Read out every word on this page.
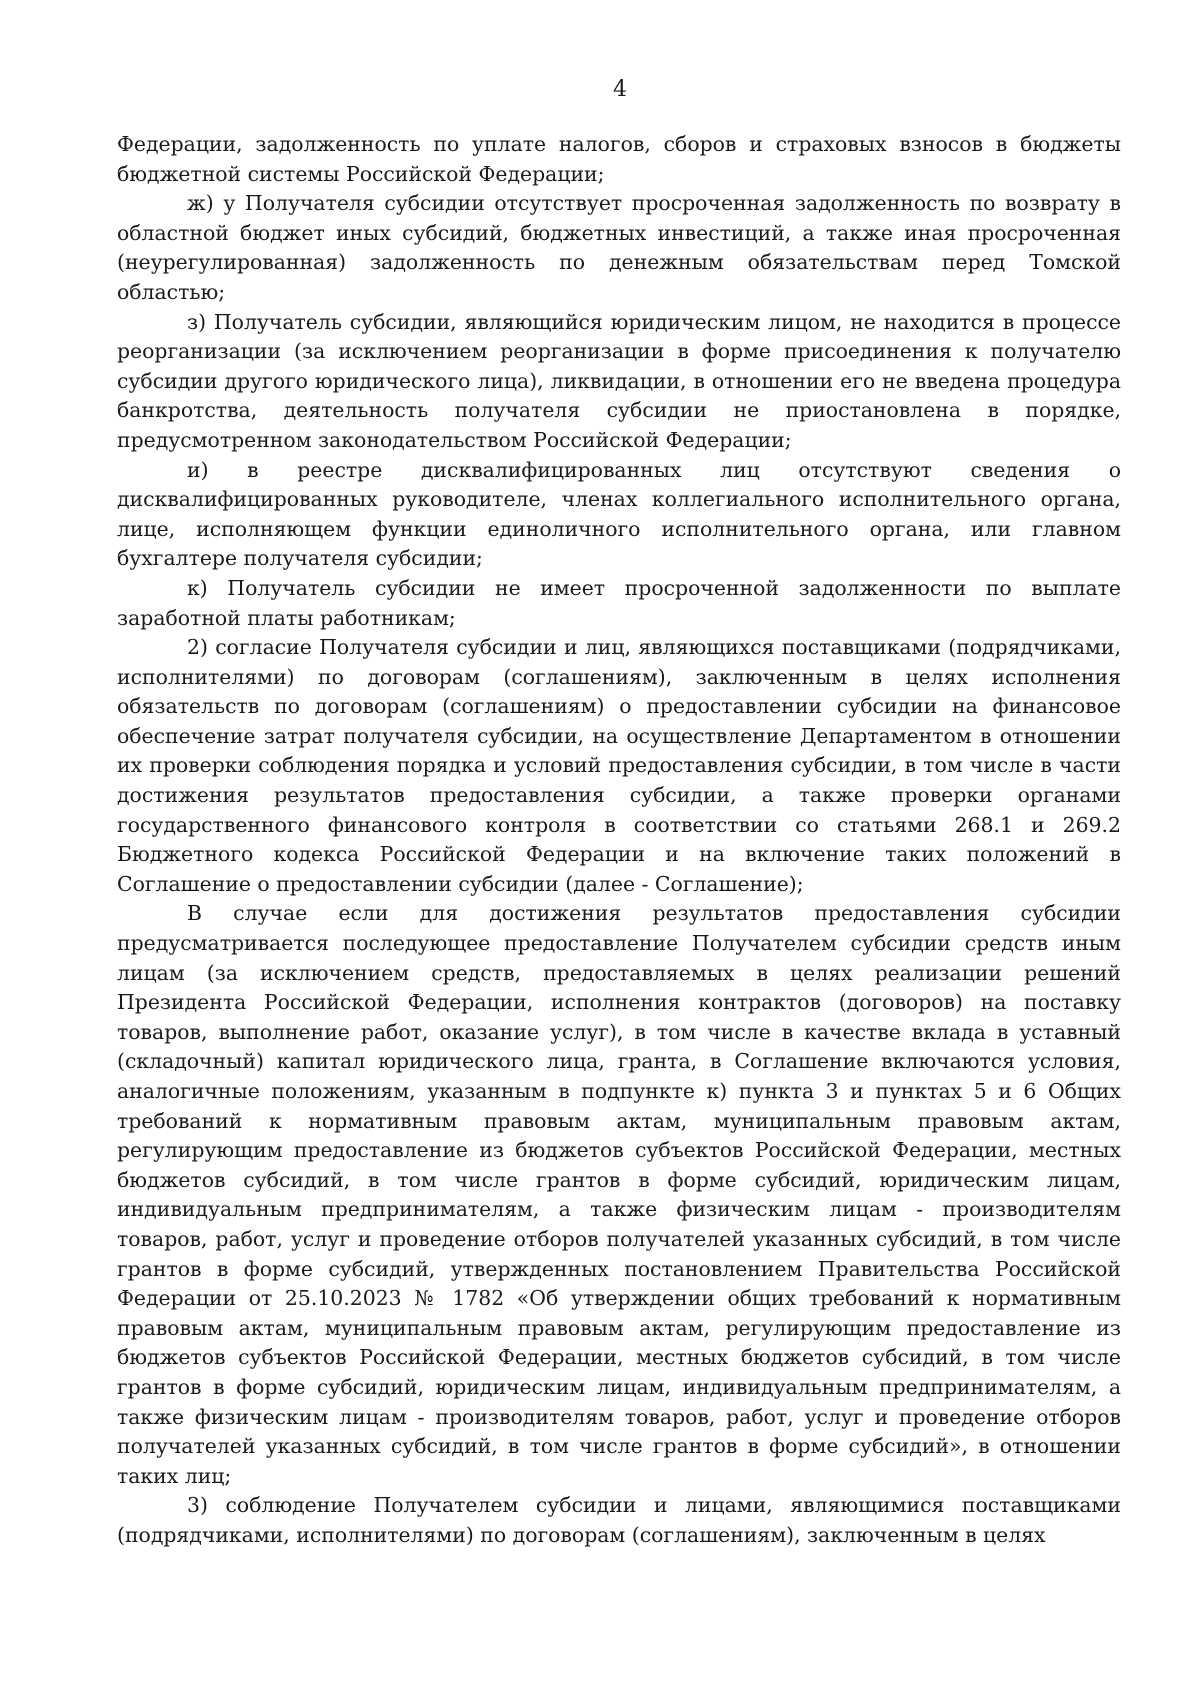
4

Федерации, задолженность по уплате налогов, сборов и страховых взносов в бюджеты бюджетной системы Российской Федерации;

ж) у Получателя субсидии отсутствует просроченная задолженность по возврату в областной бюджет иных субсидий, бюджетных инвестиций, а также иная просроченная (неурегулированная) задолженность по денежным обязательствам перед Томской областью;

з) Получатель субсидии, являющийся юридическим лицом, не находится в процессе реорганизации (за исключением реорганизации в форме присоединения к получателю субсидии другого юридического лица), ликвидации, в отношении его не введена процедура банкротства, деятельность получателя субсидии не приостановлена в порядке, предусмотренном законодательством Российской Федерации;

и) в реестре дисквалифицированных лиц отсутствуют сведения о дисквалифицированных руководителе, членах коллегиального исполнительного органа, лице, исполняющем функции единоличного исполнительного органа, или главном бухгалтере получателя субсидии;

к) Получатель субсидии не имеет просроченной задолженности по выплате заработной платы работникам;

2) согласие Получателя субсидии и лиц, являющихся поставщиками (подрядчиками, исполнителями) по договорам (соглашениям), заключенным в целях исполнения обязательств по договорам (соглашениям) о предоставлении субсидии на финансовое обеспечение затрат получателя субсидии, на осуществление Департаментом в отношении их проверки соблюдения порядка и условий предоставления субсидии, в том числе в части достижения результатов предоставления субсидии, а также проверки органами государственного финансового контроля в соответствии со статьями 268.1 и 269.2 Бюджетного кодекса Российской Федерации и на включение таких положений в Соглашение о предоставлении субсидии (далее - Соглашение);

В случае если для достижения результатов предоставления субсидии предусматривается последующее предоставление Получателем субсидии средств иным лицам (за исключением средств, предоставляемых в целях реализации решений Президента Российской Федерации, исполнения контрактов (договоров) на поставку товаров, выполнение работ, оказание услуг), в том числе в качестве вклада в уставный (складочный) капитал юридического лица, гранта, в Соглашение включаются условия, аналогичные положениям, указанным в подпункте к) пункта 3 и пунктах 5 и 6 Общих требований к нормативным правовым актам, муниципальным правовым актам, регулирующим предоставление из бюджетов субъектов Российской Федерации, местных бюджетов субсидий, в том числе грантов в форме субсидий, юридическим лицам, индивидуальным предпринимателям, а также физическим лицам - производителям товаров, работ, услуг и проведение отборов получателей указанных субсидий, в том числе грантов в форме субсидий, утвержденных постановлением Правительства Российской Федерации от 25.10.2023 № 1782 «Об утверждении общих требований к нормативным правовым актам, муниципальным правовым актам, регулирующим предоставление из бюджетов субъектов Российской Федерации, местных бюджетов субсидий, в том числе грантов в форме субсидий, юридическим лицам, индивидуальным предпринимателям, а также физическим лицам - производителям товаров, работ, услуг и проведение отборов получателей указанных субсидий, в том числе грантов в форме субсидий», в отношении таких лиц;

3) соблюдение Получателем субсидии и лицами, являющимися поставщиками (подрядчиками, исполнителями) по договорам (соглашениям), заключенным в целях
